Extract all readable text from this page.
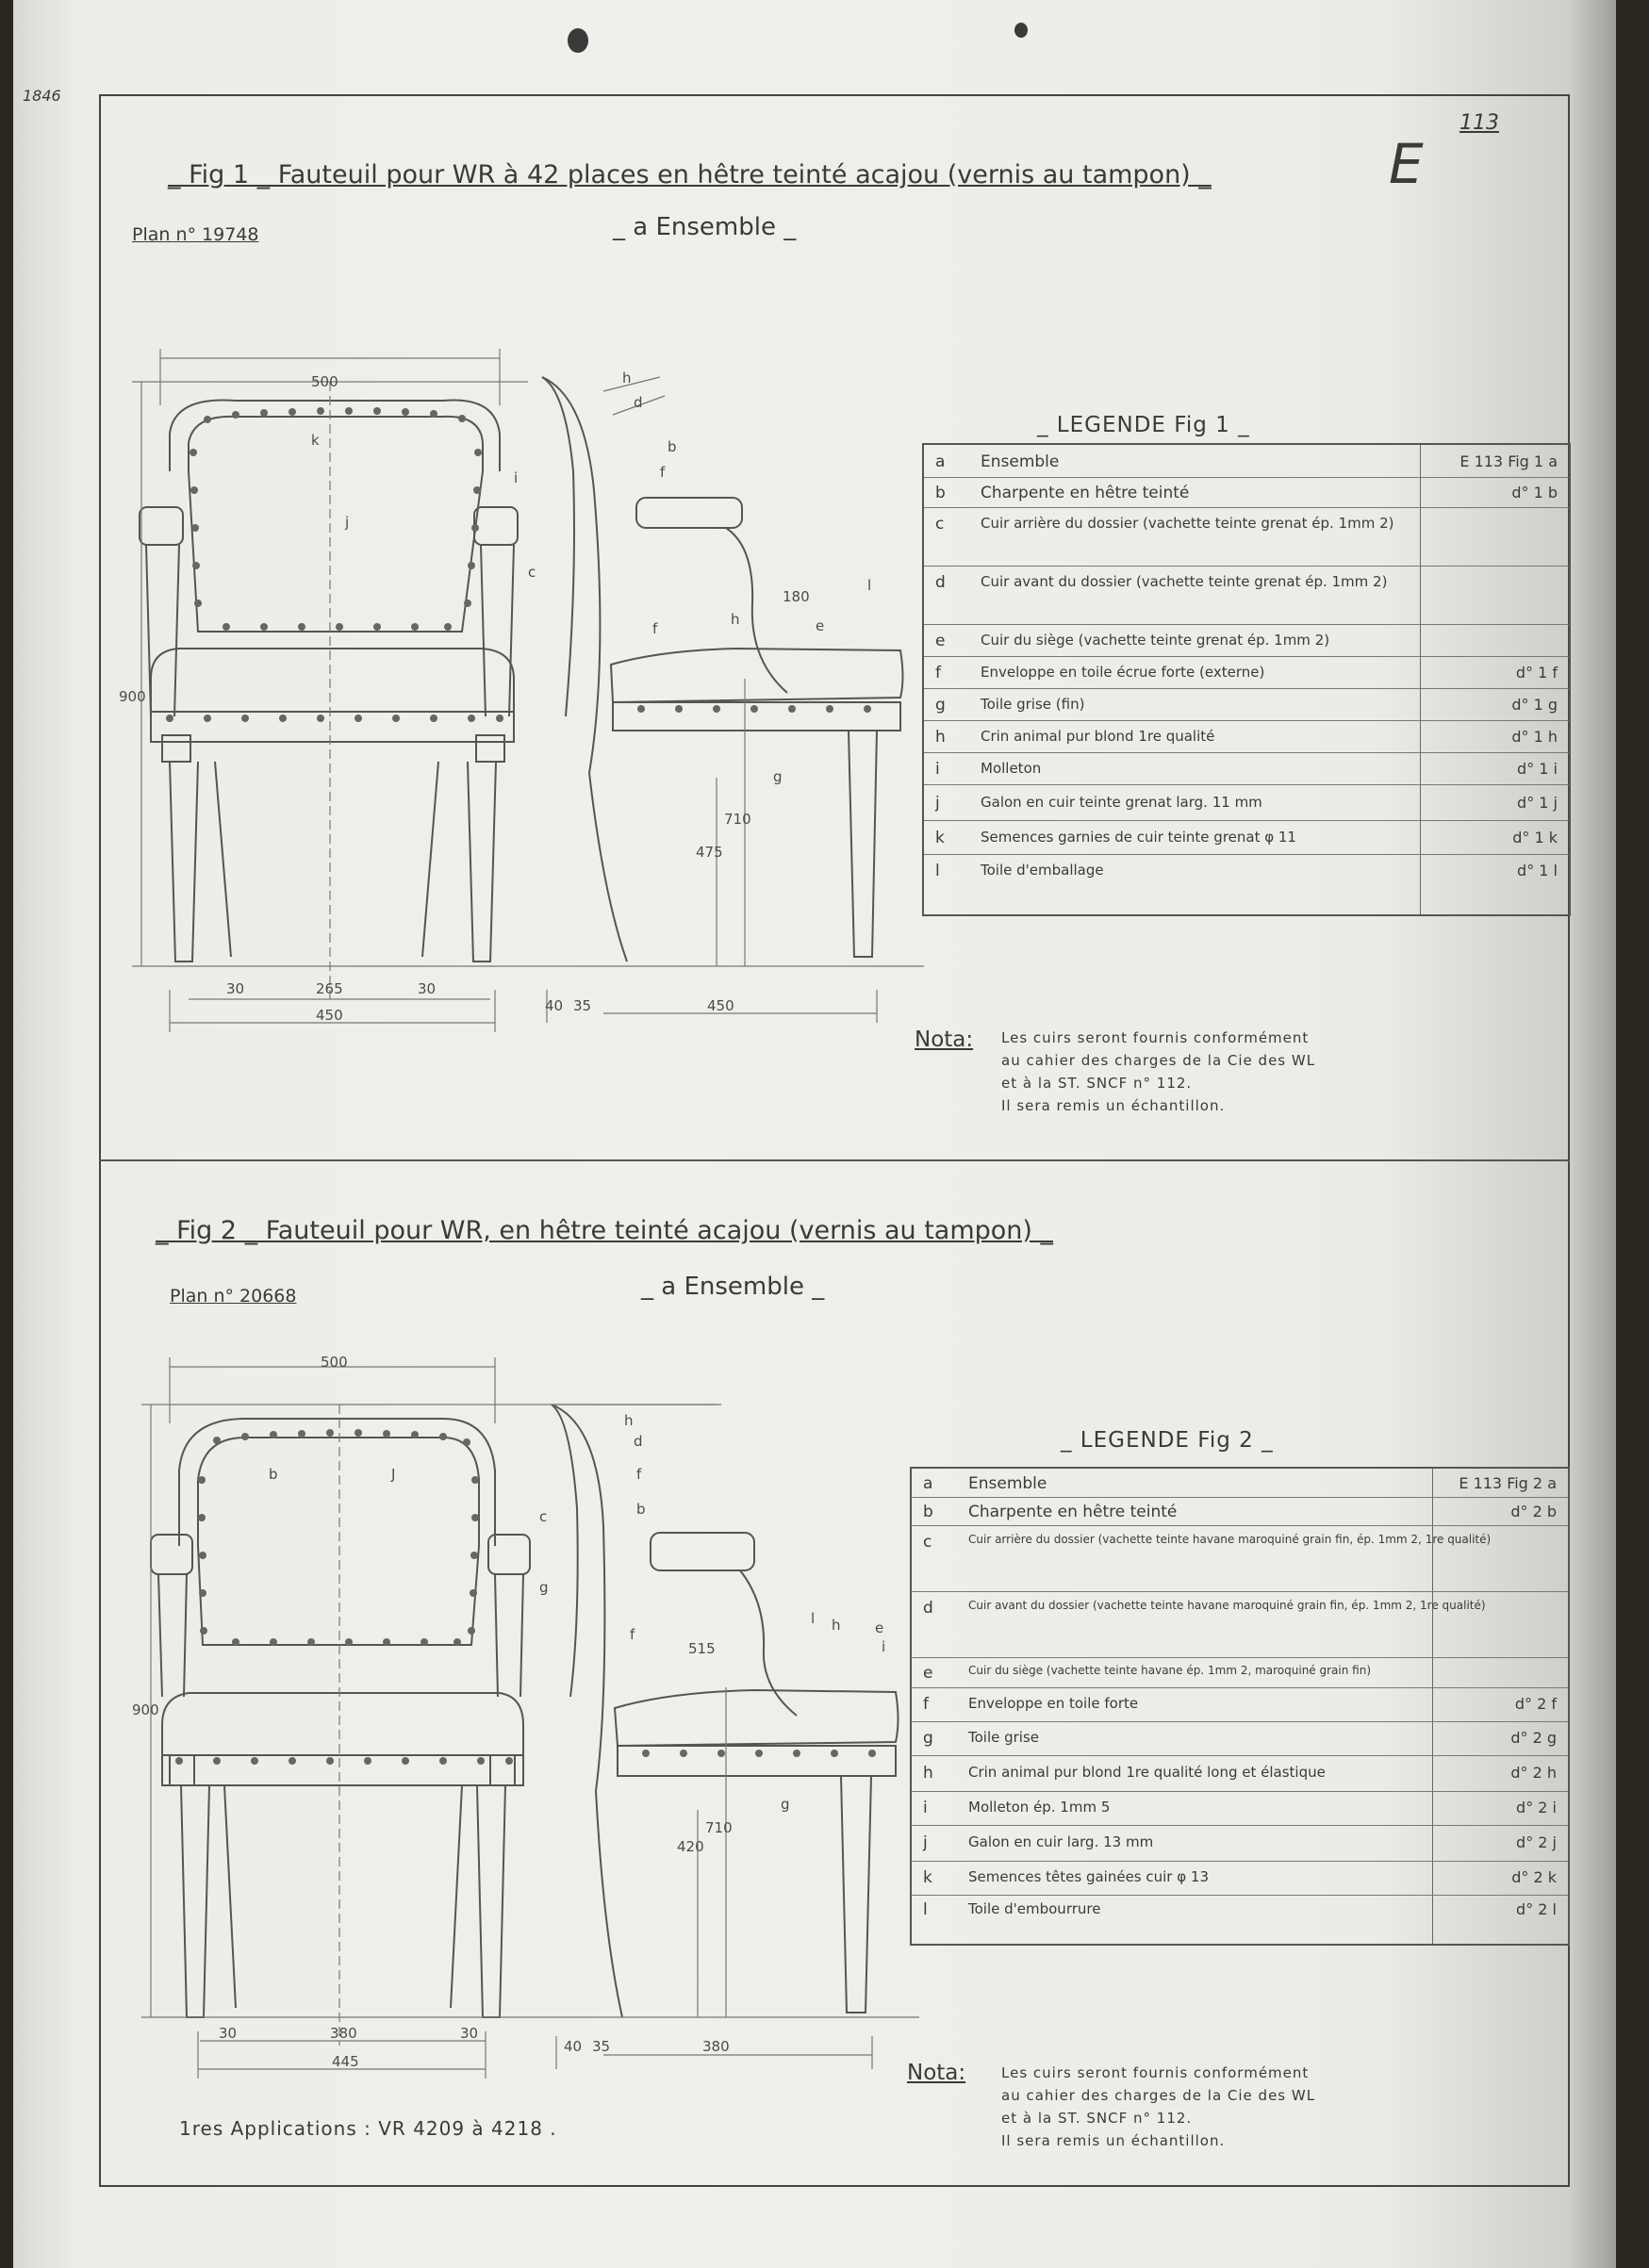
1846
E
113
_ Fig 1 _ Fauteuil pour WR à 42 places en hêtre teinté acajou (vernis au tampon) _
Plan n° 19748	_ a Ensemble _
500
900
30	265	30
450
475
710
450
40 35
180
h
d
b
f
c
h	e
l
f
g
i
j
k
_ LEGENDE Fig 1 _
a Ensemble	E 113 Fig 1 a
b Charpente en hêtre teinté	d° 1 b
c	Cuir arrière du dossier (vachette teinte grenat ép. 1mm 2)
d Cuir avant du dossier (vachette teinte grenat ép. 1mm 2)
e	Cuir du siège (vachette teinte grenat ép. 1mm 2)
f	Enveloppe en toile écrue forte (externe)	d° 1 f
g Toile grise (fin)	d° 1 g
h Crin animal pur blond 1re qualité	d° 1 h
i	Molleton	d° 1 i
j	Galon en cuir teinte grenat larg. 11 mm	d° 1 j
k	Semences garnies de cuir teinte grenat φ 11	d° 1 k
l	Toile d'emballage	d° 1 l
Nota: Les cuirs seront fournis conformément
au cahier des charges de la Cie des WL
et à la ST. SNCF n° 112.
Il sera remis un échantillon.
_ Fig 2 _ Fauteuil pour WR, en hêtre teinté acajou (vernis au tampon) _
Plan n° 20668	_ a Ensemble _
500
900
30	380	30
445
420
710
380
40 35
515
h
d
f
b
c
g
l h e
i
f
g
b	J
_ LEGENDE Fig 2 _
a Ensemble	E 113 Fig 2 a
b Charpente en hêtre teinté	d° 2 b
c	Cuir arrière du dossier (vachette teinte havane maroquiné grain fin, ép. 1mm 2, 1re qualité)
d	Cuir avant du dossier (vachette teinte havane maroquiné grain fin, ép. 1mm 2, 1re qualité)
e	Cuir du siège (vachette teinte havane ép. 1mm 2, maroquiné grain fin)
f	Enveloppe en toile forte	d° 2 f
g Toile grise	d° 2 g
h Crin animal pur blond 1re qualité long et élastique	d° 2 h
i	Molleton ép. 1mm 5	d° 2 i
j	Galon en cuir larg. 13 mm	d° 2 j
k	Semences têtes gainées cuir φ 13	d° 2 k
l	Toile d'embourrure	d° 2 l
Nota:	Les cuirs seront fournis conformément
au cahier des charges de la Cie des WL
et à la ST. SNCF n° 112.
Il sera remis un échantillon.
1res Applications : VR 4209 à 4218 .
